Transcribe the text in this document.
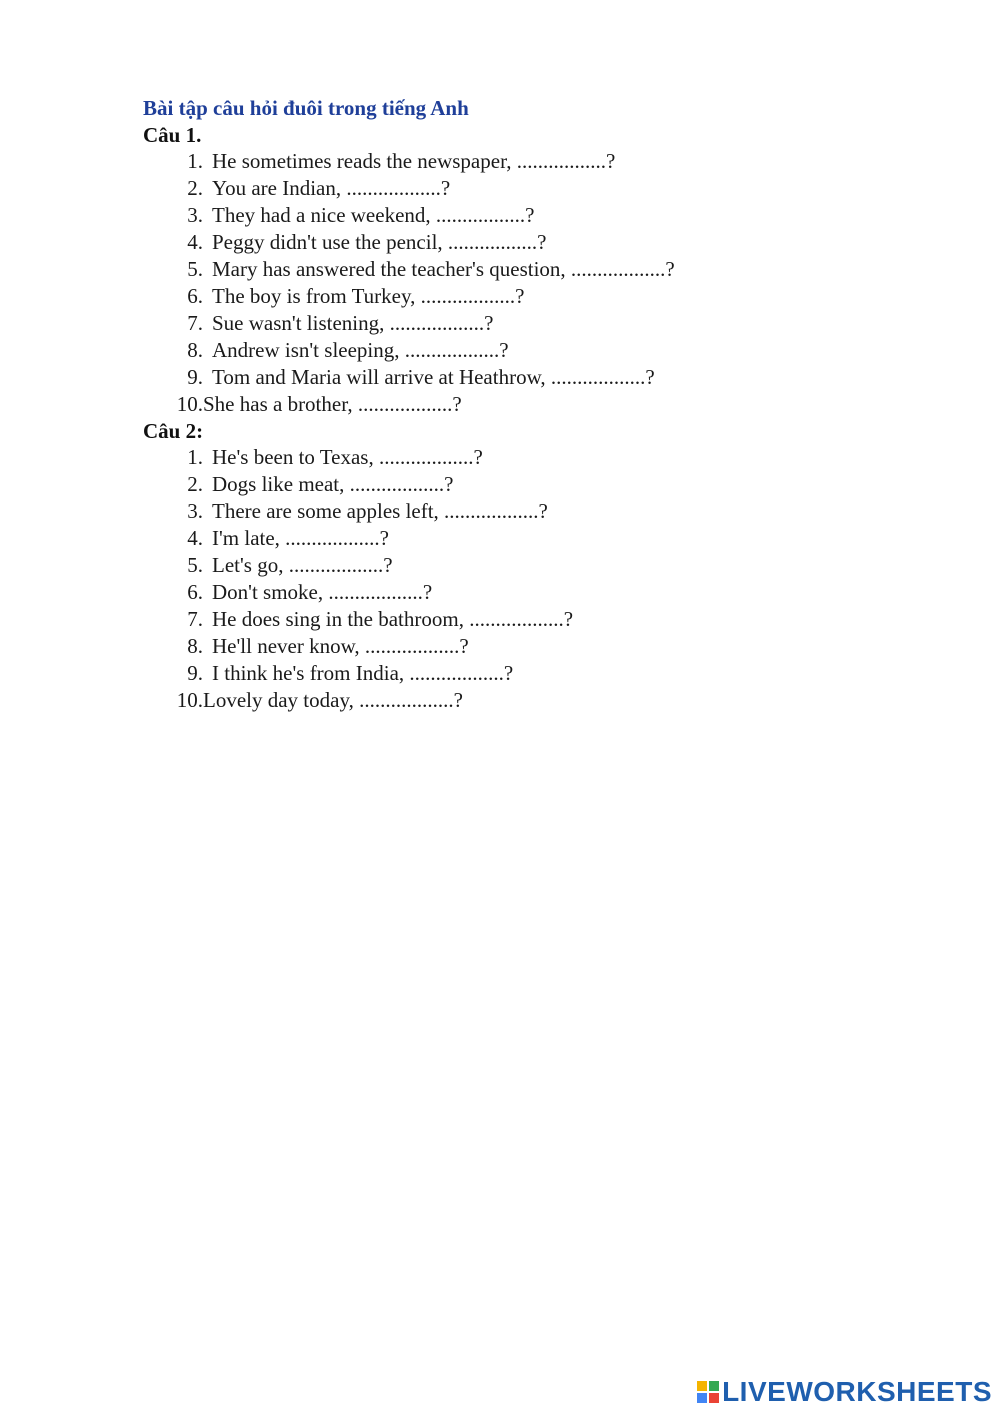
Bài tập câu hỏi đuôi trong tiếng Anh
Câu 1.
1. He sometimes reads the newspaper, .................?
2. You are Indian, ..................?
3. They had a nice weekend, .................?
4. Peggy didn't use the pencil, .................?
5. Mary has answered the teacher's question, ..................?
6. The boy is from Turkey, ..................?
7. Sue wasn't listening, ..................?
8. Andrew isn't sleeping, ..................?
9. Tom and Maria will arrive at Heathrow, ..................?
10. She has a brother, ..................?
Câu 2:
1. He's been to Texas, ..................?
2. Dogs like meat, ..................?
3. There are some apples left, ..................?
4. I'm late, ..................?
5. Let's go, ..................?
6. Don't smoke, ..................?
7. He does sing in the bathroom, ..................?
8. He'll never know, ..................?
9. I think he's from India, ..................?
10. Lovely day today, ..................?
LIVEWORKSHEETS
